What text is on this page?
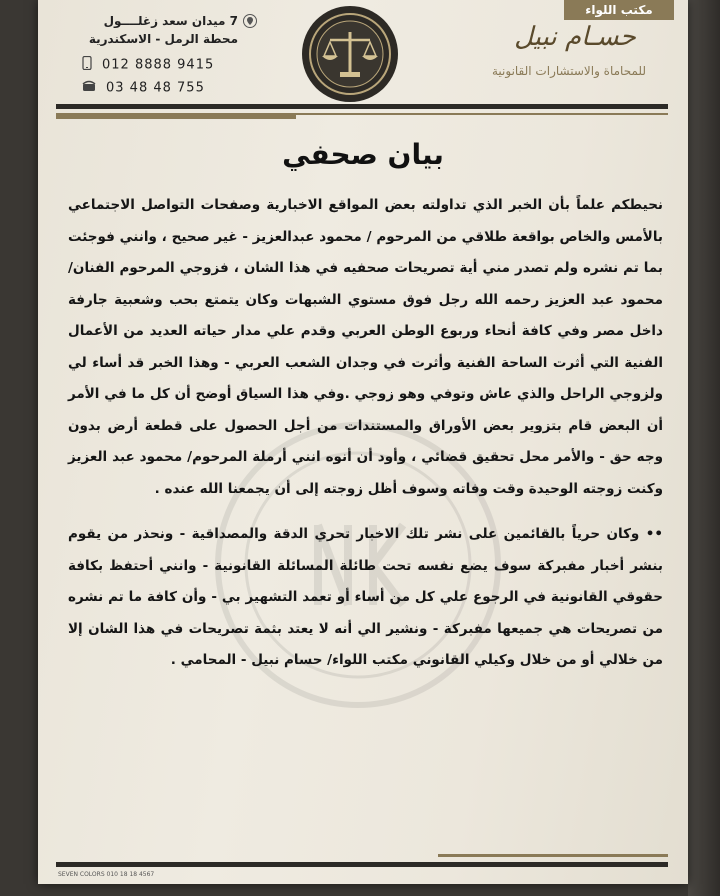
مكتب اللواء
حسـام نبيل
للمحاماة والاستشارات القانونية
7 ميدان سعد زغلــــول
محطة الرمل - الاسكندرية
012 8888 9415
03 48 48 755
بيان صحفي

نحيطكم علماً بأن الخبر الذي تداولته بعض المواقع الاخبارية وصفحات التواصل الاجتماعي بالأمس والخاص بواقعة طلاقي من المرحوم / محمود عبدالعزيز - غير صحيح ، وانني فوجئت بما تم نشره ولم تصدر مني أية تصريحات صحفيه في هذا الشان ، فزوجي المرحوم الفنان/ محمود عبد العزيز رحمه الله رجل فوق مستوي الشبهات وكان يتمتع بحب وشعبية جارفة داخل مصر وفي كافة أنحاء وربوع الوطن العربي وقدم علي مدار حياته العديد من الأعمال الفنية التي أثرت الساحة الفنية وأثرت في وجدان الشعب العربي - وهذا الخبر قد أساء لي ولزوجي الراحل والذي عاش وتوفي وهو زوجي .وفي هذا السياق أوضح أن كل ما في الأمر أن البعض قام بتزوير بعض الأوراق والمستندات من أجل الحصول على قطعة أرض بدون وجه حق - والأمر محل تحقيق قضائي ، وأود أن أنوه انني أرملة المرحوم/ محمود عبد العزيز وكنت زوجته الوحيدة وقت وفاته وسوف أظل زوجته إلى أن يجمعنا الله عنده .

•• وكان حرياً بالقائمين على نشر تلك الاخبار تحري الدقة والمصداقية - ونحذر من يقوم بنشر أخبار مفبركة سوف يضع نفسه تحت طائلة المسائلة القانونية - وانني أحتفظ بكافة حقوقي القانونية في الرجوع علي كل من أساء أو تعمد التشهير بي - وأن كافة ما تم نشره من تصريحات هي جميعها مفبركة - ونشير الي أنه لا يعتد بثمة تصريحات في هذا الشان إلا من خلالي أو من خلال وكيلي القانوني مكتب اللواء/ حسام نبيل - المحامي .

SEVEN COLORS 010 18 18 4567
